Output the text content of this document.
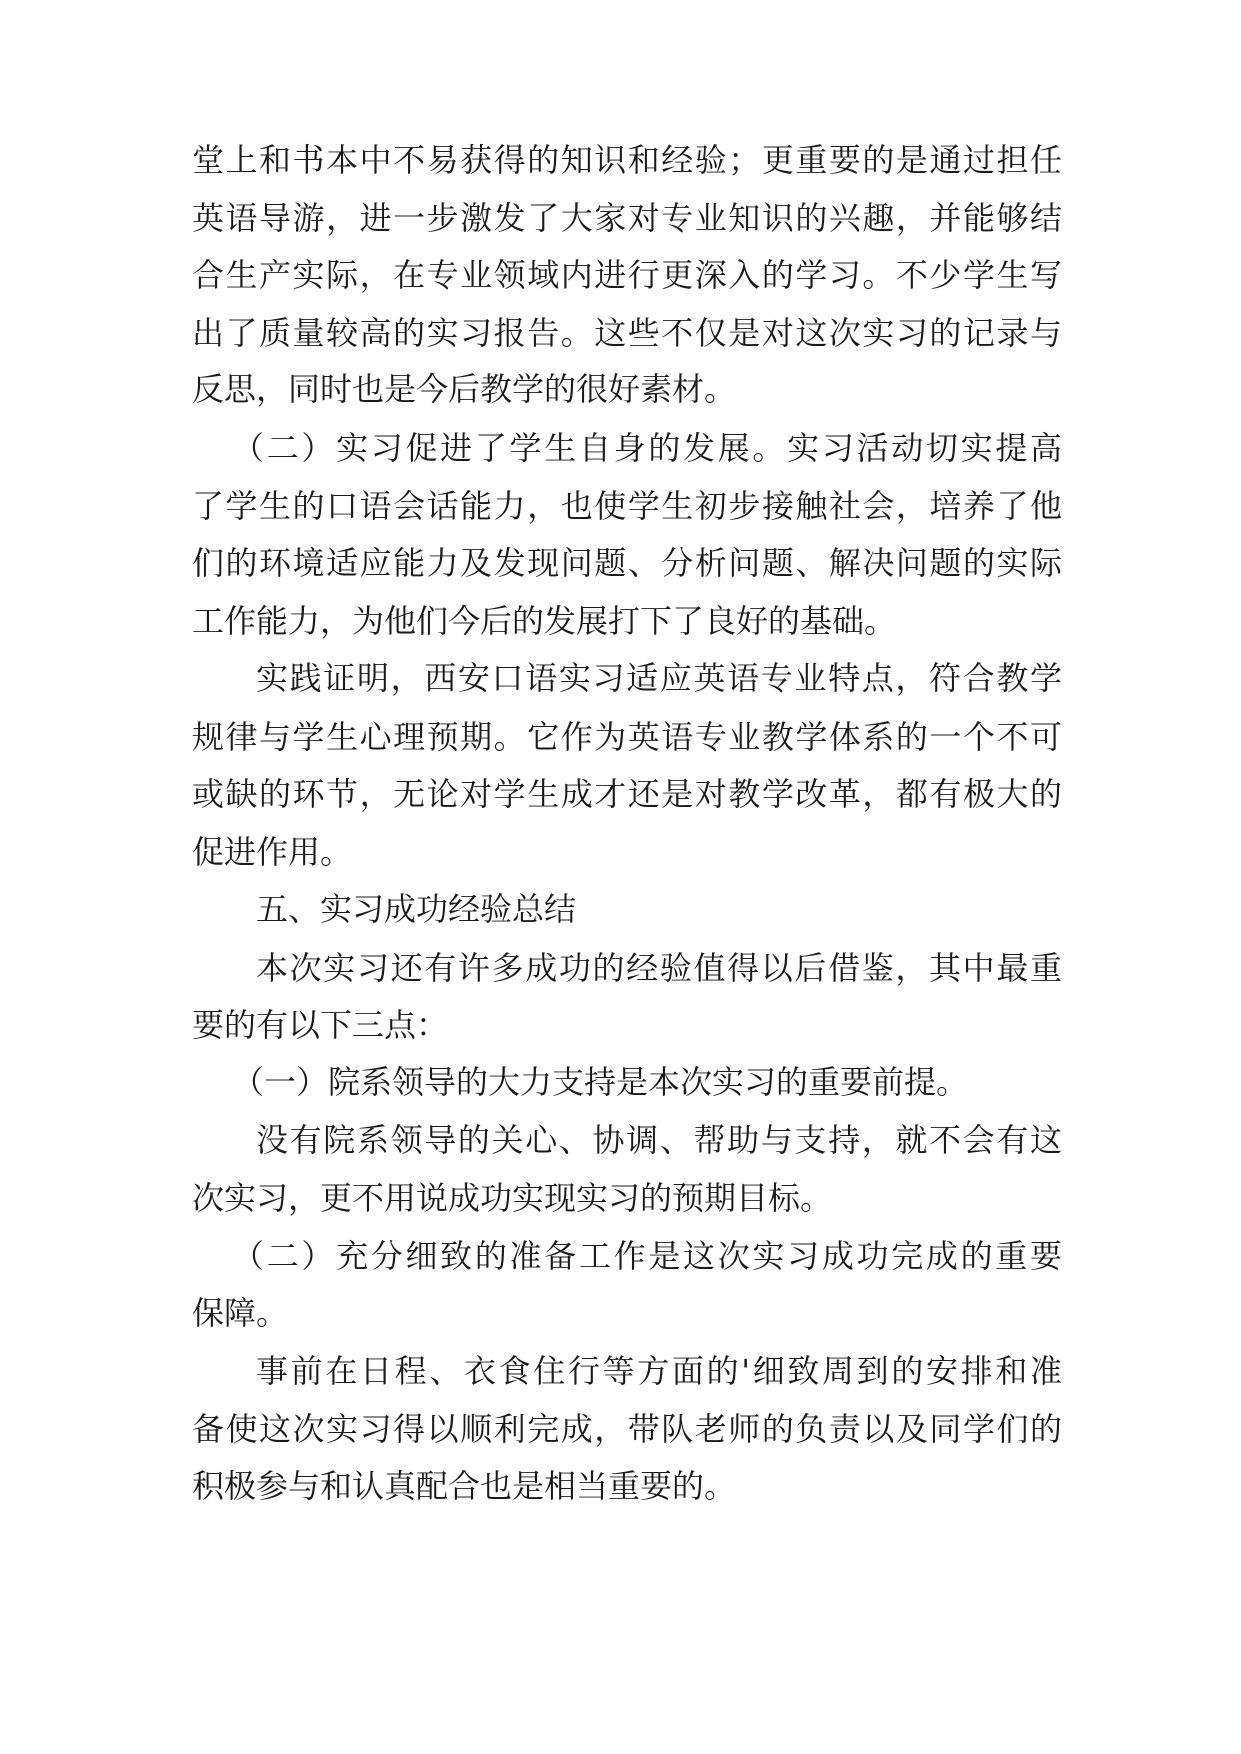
堂上和书本中不易获得的知识和经验；更重要的是通过担任
英语导游，进一步激发了大家对专业知识的兴趣，并能够结
合生产实际，在专业领域内进行更深入的学习。不少学生写
出了质量较高的实习报告。这些不仅是对这次实习的记录与
反思，同时也是今后教学的很好素材。
（二）实习促进了学生自身的发展。实习活动切实提高
了学生的口语会话能力，也使学生初步接触社会，培养了他
们的环境适应能力及发现问题、分析问题、解决问题的实际
工作能力，为他们今后的发展打下了良好的基础。
实践证明，西安口语实习适应英语专业特点，符合教学
规律与学生心理预期。它作为英语专业教学体系的一个不可
或缺的环节，无论对学生成才还是对教学改革，都有极大的
促进作用。
五、实习成功经验总结
本次实习还有许多成功的经验值得以后借鉴，其中最重
要的有以下三点：
（一）院系领导的大力支持是本次实习的重要前提。
没有院系领导的关心、协调、帮助与支持，就不会有这
次实习，更不用说成功实现实习的预期目标。
（二）充分细致的准备工作是这次实习成功完成的重要
保障。
事前在日程、衣食住行等方面的'细致周到的安排和准
备使这次实习得以顺利完成，带队老师的负责以及同学们的
积极参与和认真配合也是相当重要的。
